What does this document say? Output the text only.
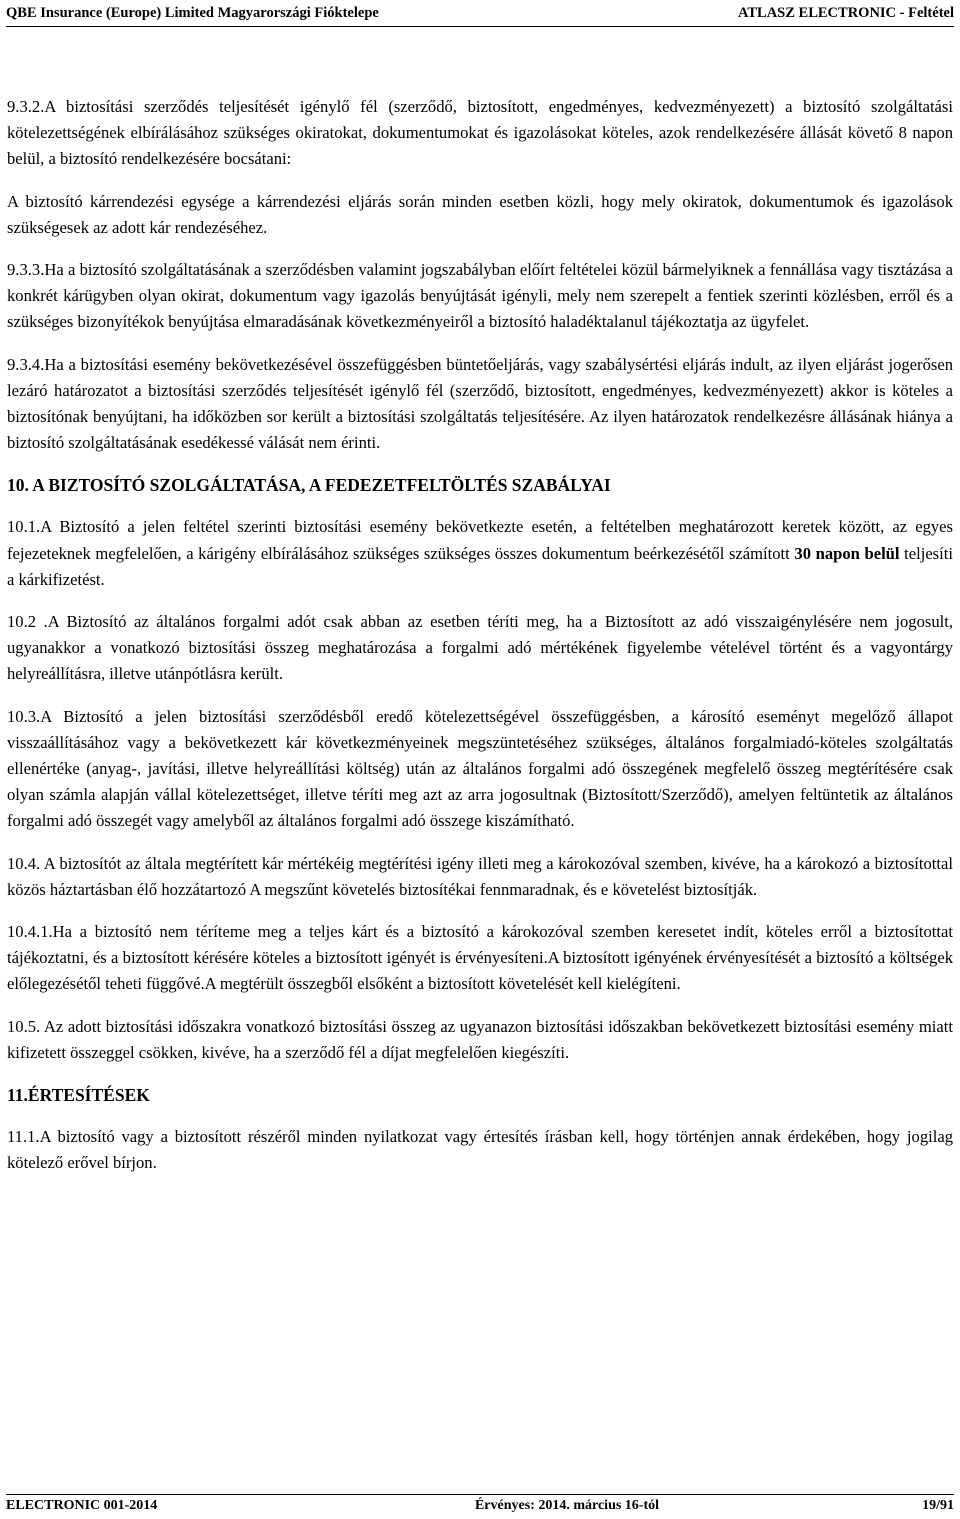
QBE Insurance (Europe) Limited Magyarországi Fióktelepe	ATLASZ ELECTRONIC - Feltétel

9.3.2.A biztosítási szerződés teljesítését igénylő fél (szerződő, biztosított, engedményes, kedvezményezett) a biztosító szolgáltatási kötelezettségének elbírálásához szükséges okiratokat, dokumentumokat és igazolásokat köteles, azok rendelkezésére állását követő 8 napon belül, a biztosító rendelkezésére bocsátani:

A biztosító kárrendezési egysége a kárrendezési eljárás során minden esetben közli, hogy mely okiratok, dokumentumok és igazolások szükségesek az adott kár rendezéséhez.

9.3.3.Ha a biztosító szolgáltatásának a szerződésben valamint jogszabályban előírt feltételei közül bármelyiknek a fennállása vagy tisztázása a konkrét kárügyben olyan okirat, dokumentum vagy igazolás benyújtását igényli, mely nem szerepelt a fentiek szerinti közlésben, erről és a szükséges bizonyítékok benyújtása elmaradásának következményeiről a biztosító haladéktalanul tájékoztatja az ügyfelet.

9.3.4.Ha a biztosítási esemény bekövetkezésével összefüggésben büntetőeljárás, vagy szabálysértési eljárás indult, az ilyen eljárást jogerősen lezáró határozatot a biztosítási szerződés teljesítését igénylő fél (szerződő, biztosított, engedményes, kedvezményezett) akkor is köteles a biztosítónak benyújtani, ha időközben sor került a biztosítási szolgáltatás teljesítésére. Az ilyen határozatok rendelkezésre állásának hiánya a biztosító szolgáltatásának esedékessé válását nem érinti.

10. A BIZTOSÍTÓ SZOLGÁLTATÁSA, A FEDEZETFELTÖLTÉS SZABÁLYAI

10.1.A Biztosító a jelen feltétel szerinti biztosítási esemény bekövetkezte esetén, a feltételben meghatározott keretek között, az egyes fejezeteknek megfelelően, a kárigény elbírálásához szükséges szükséges összes dokumentum beérkezésétől számított 30 napon belül teljesíti a kárkifizetést.

10.2 .A Biztosító az általános forgalmi adót csak abban az esetben téríti meg, ha a Biztosított az adó visszaigénylésére nem jogosult, ugyanakkor a vonatkozó biztosítási összeg meghatározása a forgalmi adó mértékének figyelembe vételével történt és a vagyontárgy helyreállításra, illetve utánpótlásra került.

10.3.A Biztosító a jelen biztosítási szerződésből eredő kötelezettségével összefüggésben, a károsító eseményt megelőző állapot visszaállításához vagy a bekövetkezett kár következményeinek megszüntetéséhez szükséges, általános forgalmiadó-köteles szolgáltatás ellenértéke (anyag-, javítási, illetve helyreállítási költség) után az általános forgalmi adó összegének megfelelő összeg megtérítésére csak olyan számla alapján vállal kötelezettséget, illetve téríti meg azt az arra jogosultnak (Biztosított/Szerződő), amelyen feltüntetik az általános forgalmi adó összegét vagy amelyből az általános forgalmi adó összege kiszámítható.

10.4. A biztosítót az általa megtérített kár mértékéig megtérítési igény illeti meg a károkozóval szemben, kivéve, ha a károkozó a biztosítottal közös háztartásban élő hozzátartozó A megszűnt követelés biztosítékai fennmaradnak, és e követelést biztosítják.

10.4.1.Ha a biztosító nem téríteme meg a teljes kárt és a biztosító a károkozóval szemben keresetet indít, köteles erről a biztosítottat tájékoztatni, és a biztosított kérésére köteles a biztosított igényét is érvényesíteni.A biztosított igényének érvényesítését a biztosító a költségek előlegezésétől teheti függővé.A megtérült összegből elsőként a biztosított követelését kell kielégíteni.

10.5. Az adott biztosítási időszakra vonatkozó biztosítási összeg az ugyanazon biztosítási időszakban bekövetkezett biztosítási esemény miatt kifizetett összeggel csökken, kivéve, ha a szerződő fél a díjat megfelelően kiegészíti.

11.ÉRTESÍTÉSEK

11.1.A biztosító vagy a biztosított részéről minden nyilatkozat vagy értesítés írásban kell, hogy történjen annak érdekében, hogy jogilag kötelező erővel bírjon.

ELECTRONIC 001-2014	Érvényes: 2014. március 16-tól	19/91
